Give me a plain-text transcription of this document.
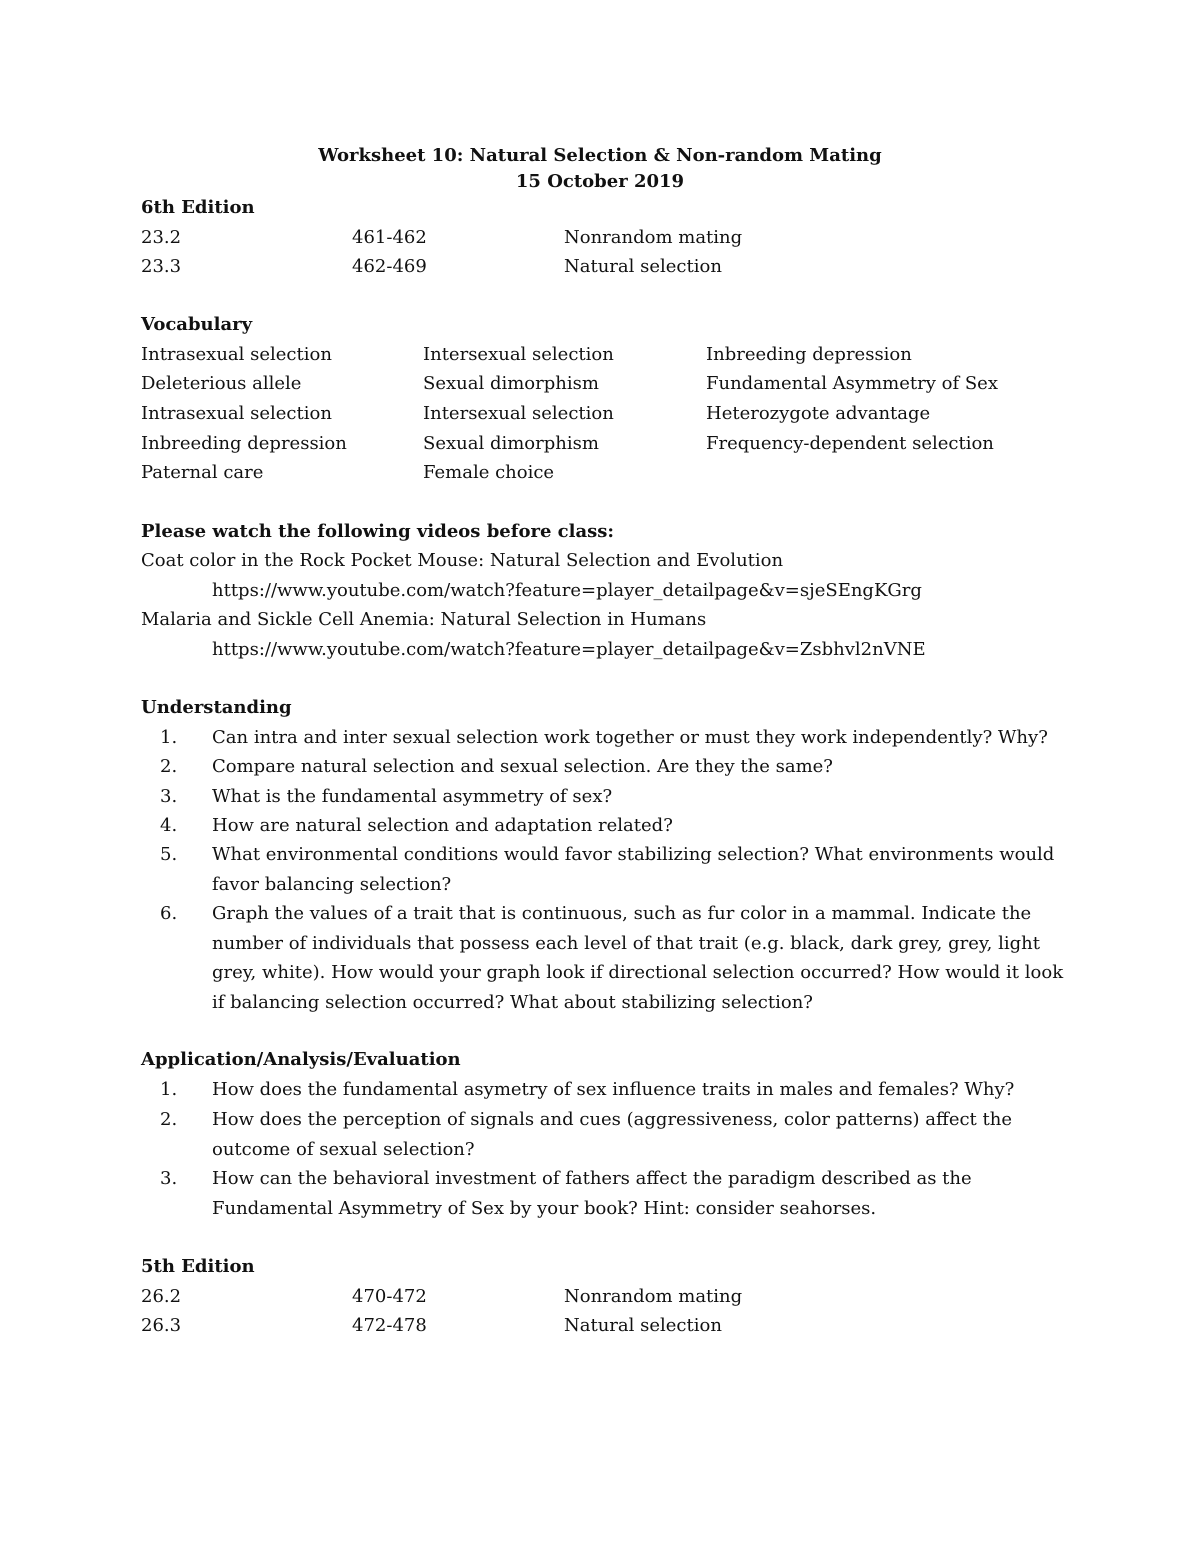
Worksheet 10: Natural Selection & Non-random Mating
15 October 2019
6th Edition
23.2	461-462	Nonrandom mating
23.3	462-469	Natural selection
Vocabulary
Intrasexual selection	Intersexual selection	Inbreeding depression
Deleterious allele	Sexual dimorphism	Fundamental Asymmetry of Sex
Intrasexual selection	Intersexual selection	Heterozygote advantage
Inbreeding depression	Sexual dimorphism	Frequency-dependent selection
Paternal care	Female choice
Please watch the following videos before class:
Coat color in the Rock Pocket Mouse: Natural Selection and Evolution
https://www.youtube.com/watch?feature=player_detailpage&v=sjeSEngKGrg
Malaria and Sickle Cell Anemia: Natural Selection in Humans
https://www.youtube.com/watch?feature=player_detailpage&v=Zsbhvl2nVNE
Understanding
1. Can intra and inter sexual selection work together or must they work independently? Why?
2. Compare natural selection and sexual selection. Are they the same?
3. What is the fundamental asymmetry of sex?
4. How are natural selection and adaptation related?
5. What environmental conditions would favor stabilizing selection? What environments would favor balancing selection?
6. Graph the values of a trait that is continuous, such as fur color in a mammal. Indicate the number of individuals that possess each level of that trait (e.g. black, dark grey, grey, light grey, white). How would your graph look if directional selection occurred? How would it look if balancing selection occurred? What about stabilizing selection?
Application/Analysis/Evaluation
1. How does the fundamental asymetry of sex influence traits in males and females? Why?
2. How does the perception of signals and cues (aggressiveness, color patterns) affect the outcome of sexual selection?
3. How can the behavioral investment of fathers affect the paradigm described as the Fundamental Asymmetry of Sex by your book? Hint: consider seahorses.
5th Edition
26.2	470-472	Nonrandom mating
26.3	472-478	Natural selection
